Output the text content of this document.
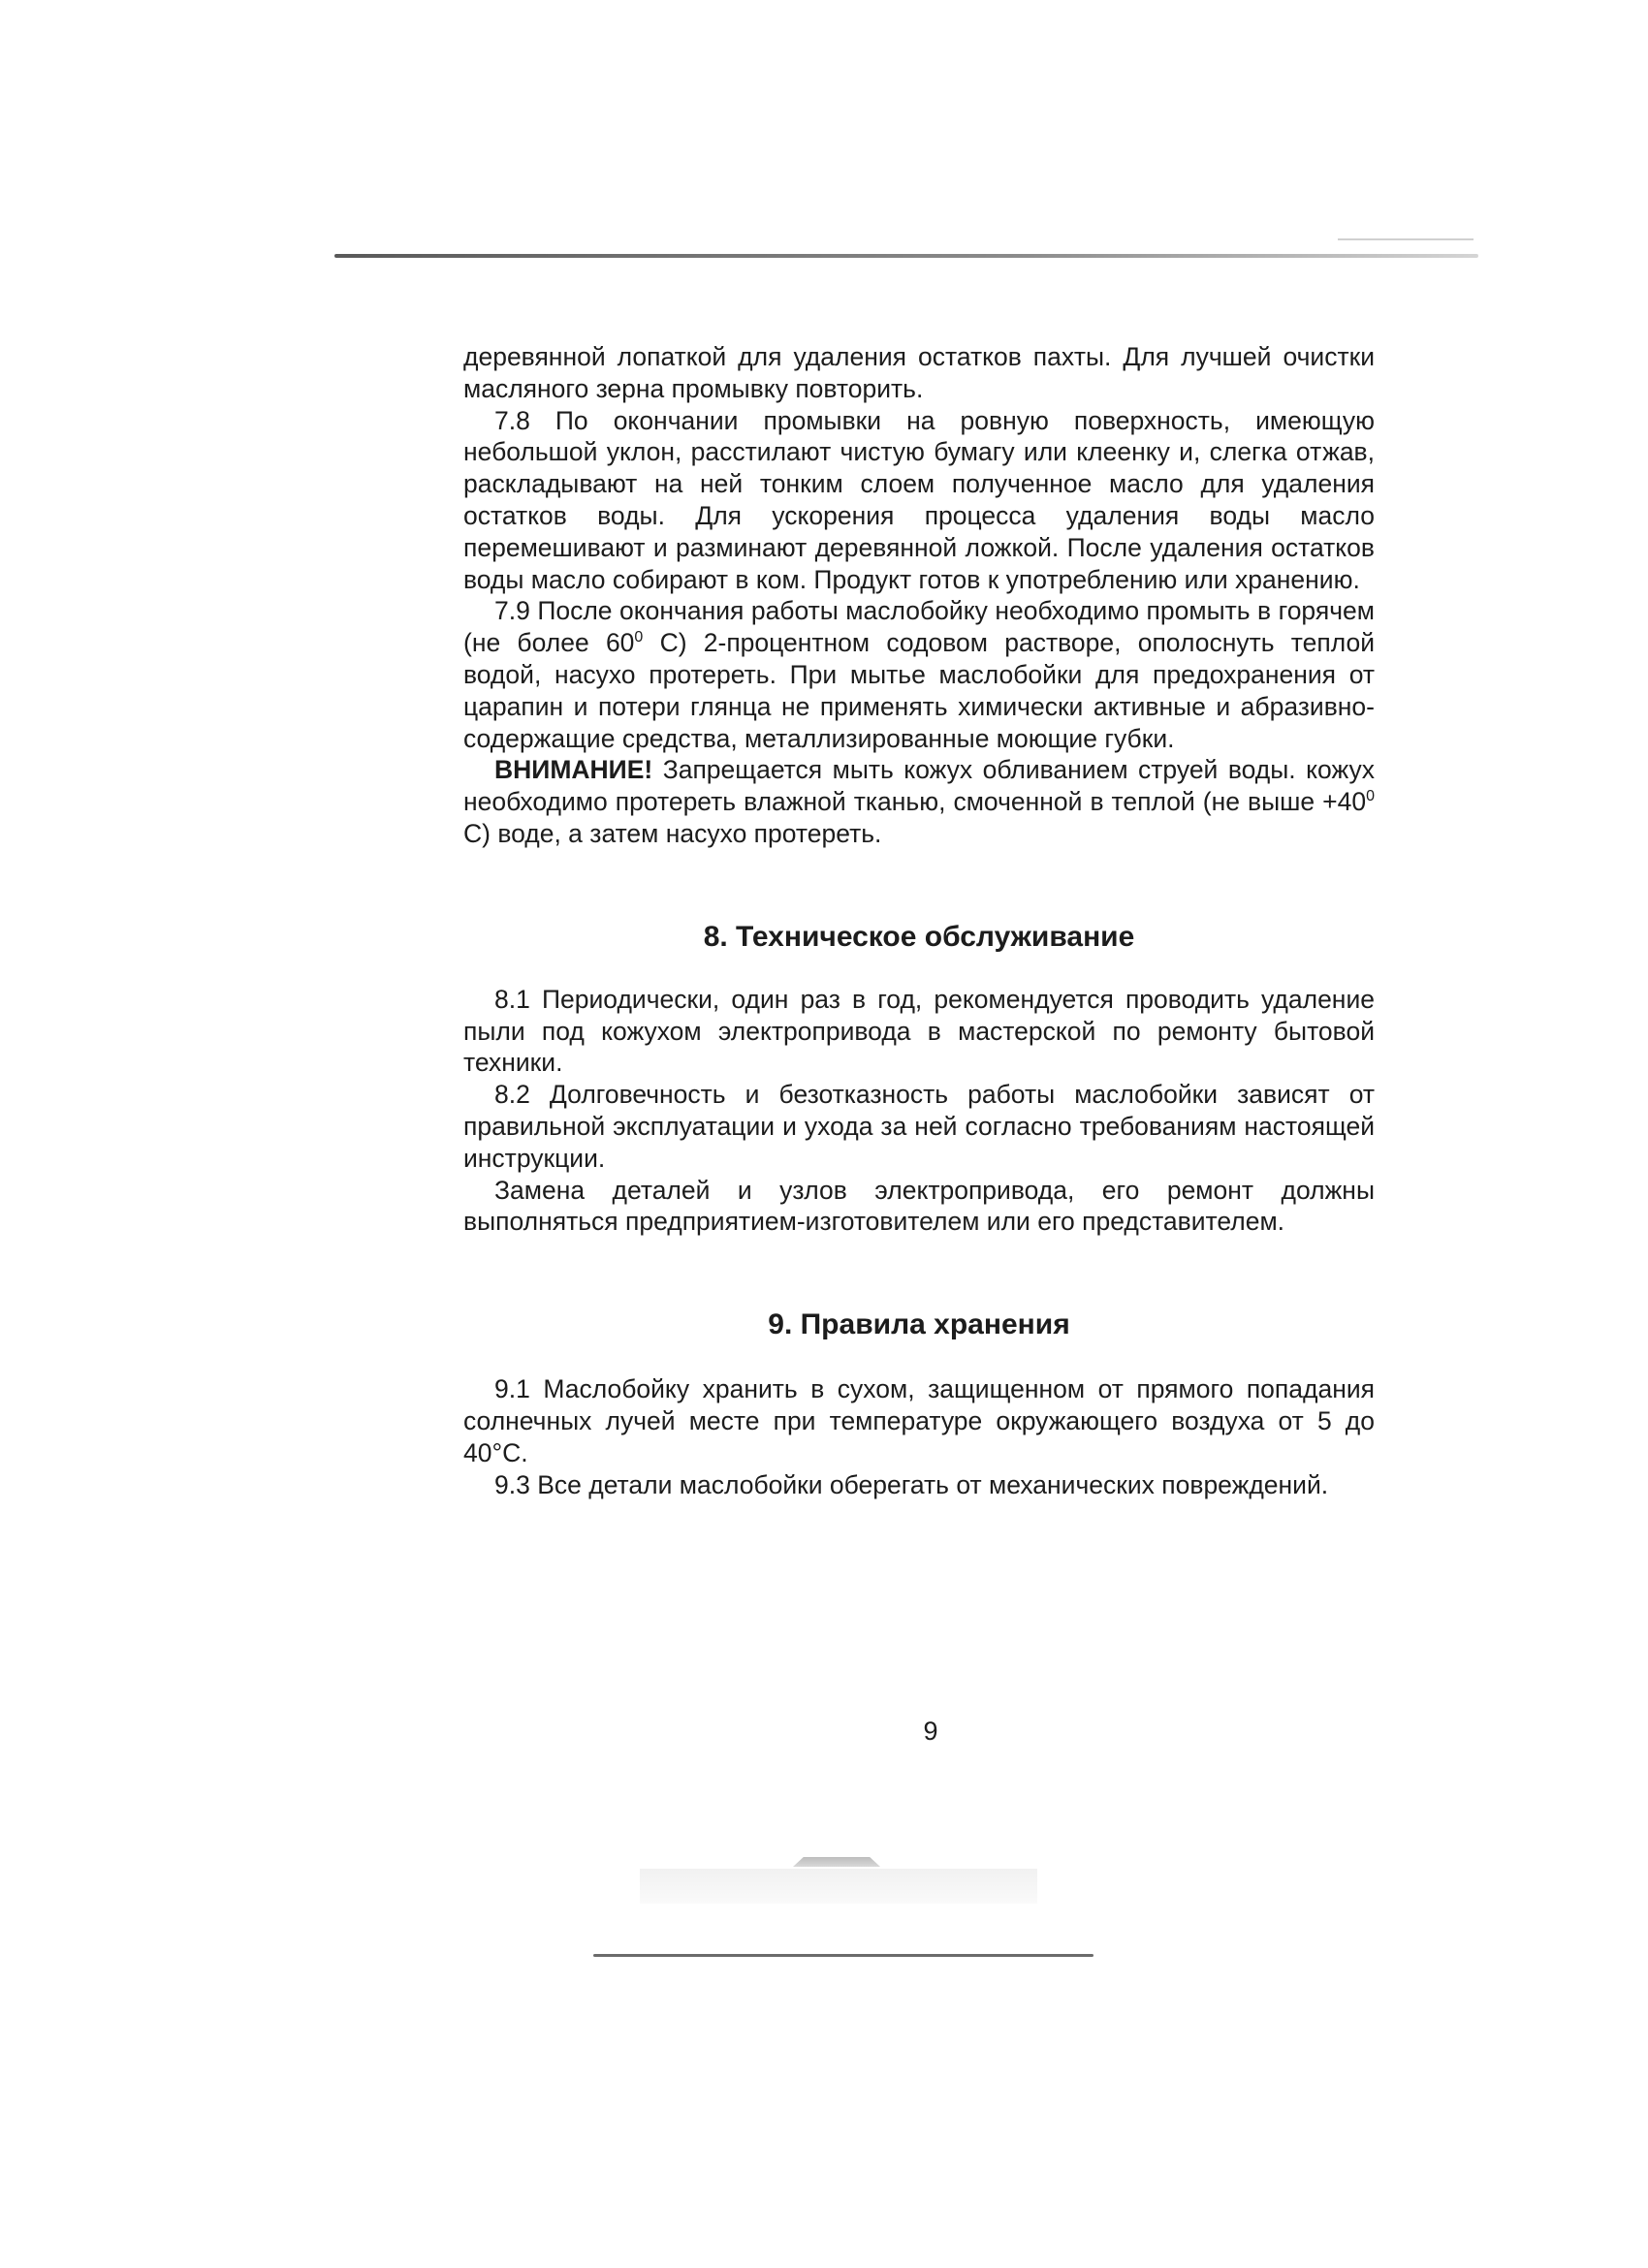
деревянной лопаткой для удаления остатков пахты. Для лучшей очистки масляного зерна промывку повторить.

7.8 По окончании промывки на ровную поверхность, имеющую небольшой уклон, расстилают чистую бумагу или клеенку и, слегка отжав, раскладывают на ней тонким слоем полученное масло для удаления остатков воды. Для ускорения процесса удаления воды масло перемешивают и разминают деревянной ложкой. После удаления остатков воды масло собирают в ком. Продукт готов к употреблению или хранению.

7.9 После окончания работы маслобойку необходимо промыть в горячем (не более $60^0$ С) 2-процентном содовом растворе, ополоснуть теплой водой, насухо протереть. При мытье маслобойки для предохранения от царапин и потери глянца не применять химически активные и абразивно-содержащие средства, металлизированные моющие губки.

ВНИМАНИЕ! Запрещается мыть кожух обливанием струей воды. кожух необходимо протереть влажной тканью, смоченной в теплой (не выше $+40^0$ С) воде, а затем насухо протереть.

8. Техническое обслуживание

8.1 Периодически, один раз в год, рекомендуется проводить удаление пыли под кожухом электропривода в мастерской по ремонту бытовой техники.

8.2 Долговечность и безотказность работы маслобойки зависят от правильной эксплуатации и ухода за ней согласно требованиям настоящей инструкции.

Замена деталей и узлов электропривода, его ремонт должны выполняться предприятием-изготовителем или его представителем.

9. Правила хранения

9.1 Маслобойку хранить в сухом, защищенном от прямого попадания солнечных лучей месте при температуре окружающего воздуха от 5 до 40°С.

9.3 Все детали маслобойки оберегать от механических повреждений.

9
